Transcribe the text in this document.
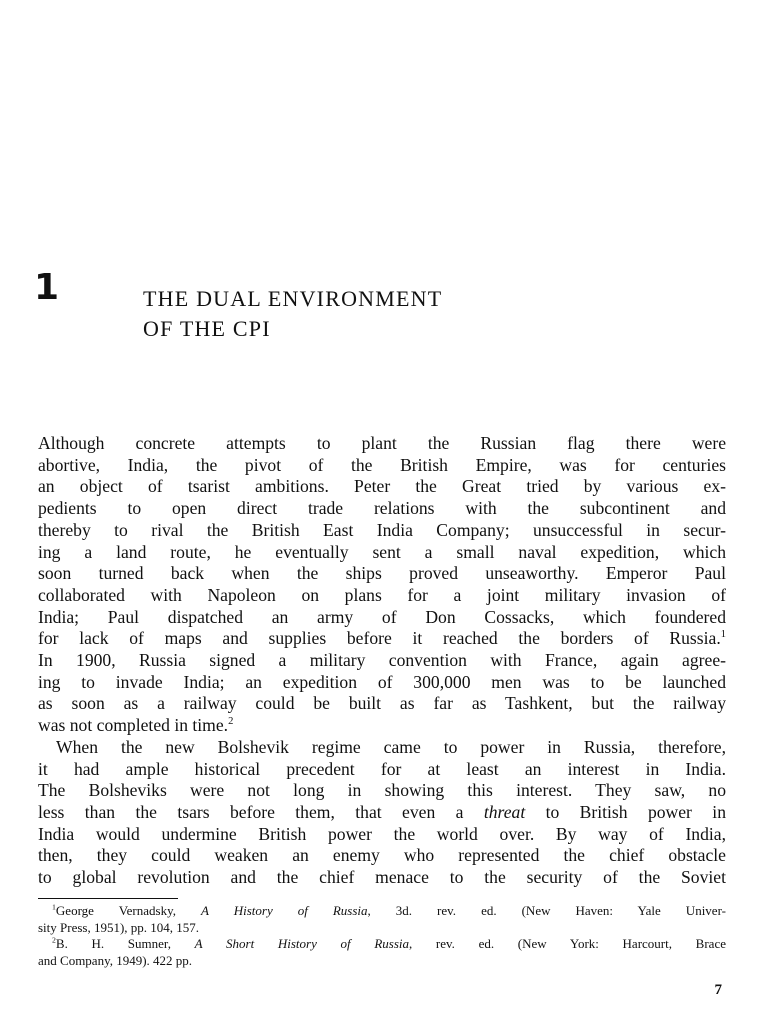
1	THE DUAL ENVIRONMENT
OF THE CPI
Although concrete attempts to plant the Russian flag there were
abortive, India, the pivot of the British Empire, was for centuries
an object of tsarist ambitions. Peter the Great tried by various ex-
pedients to open direct trade relations with the subcontinent and
thereby to rival the British East India Company; unsuccessful in secur-
ing a land route, he eventually sent a small naval expedition, which
soon turned back when the ships proved unseaworthy. Emperor Paul
collaborated with Napoleon on plans for a joint military invasion of
India; Paul dispatched an army of Don Cossacks, which foundered
for lack of maps and supplies before it reached the borders of Russia.$^1$
In 1900, Russia signed a military convention with France, again agree-
ing to invade India; an expedition of 300,000 men was to be launched
as soon as a railway could be built as far as Tashkent, but the railway
was not completed in time.$^2$
When the new Bolshevik regime came to power in Russia, therefore,
it had ample historical precedent for at least an interest in India.
The Bolsheviks were not long in showing this interest. They saw, no
less than the tsars before them, that even a threat to British power in
India would undermine British power the world over. By way of India,
then, they could weaken an enemy who represented the chief obstacle
to global revolution and the chief menace to the security of the Soviet
$^1$George Vernadsky, A History of Russia, 3d. rev. ed. (New Haven: Yale Univer-
sity Press, 1951), pp. 104, 157.
$^2$B. H. Sumner, A Short History of Russia, rev. ed. (New York: Harcourt, Brace
and Company, 1949). 422 pp.
7
